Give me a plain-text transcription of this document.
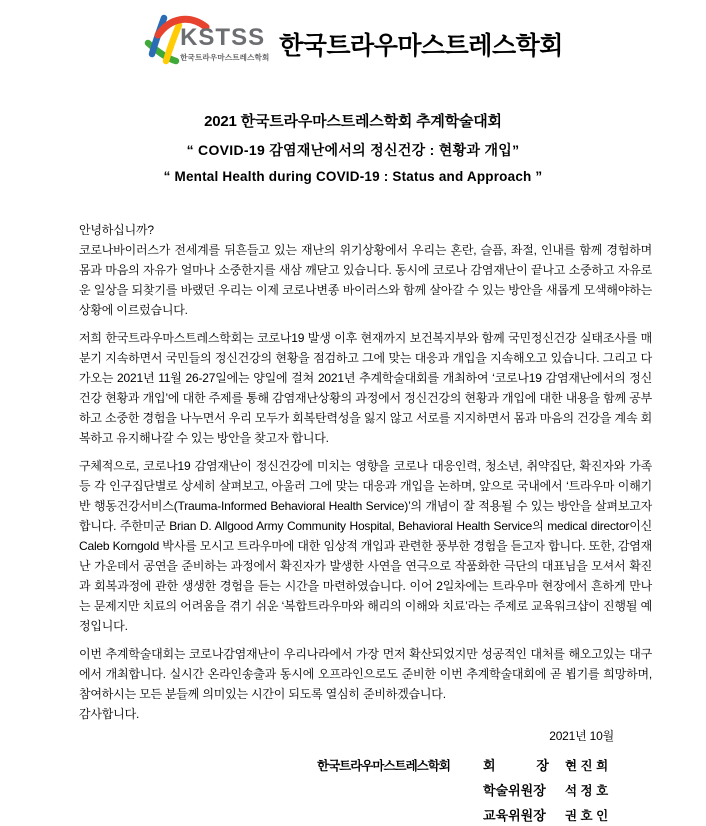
KSTSS
한국트라우마스트레스학회 한국트라우마스트레스학회

2021 한국트라우마스트레스학회 추계학술대회

“ COVID-19 감염재난에서의 정신건강 : 현황과 개입”

“ Mental Health during COVID-19 : Status and Approach ”

안녕하십니까?

코로나바이러스가 전세계를 뒤흔들고 있는 재난의 위기상황에서 우리는 혼란, 슬픔, 좌절, 인내를 함께 경험하며 몸과 마음의 자유가 얼마나 소중한지를 새삼 깨닫고 있습니다. 동시에 코로나 감염재난이 끝나고 소중하고 자유로운 일상을 되찾기를 바랬던 우리는 이제 코로나변종 바이러스와 함께 살아갈 수 있는 방안을 새롭게 모색해야하는 상황에 이르렀습니다.

저희 한국트라우마스트레스학회는 코로나19 발생 이후 현재까지 보건복지부와 함께 국민정신건강 실태조사를 매 분기 지속하면서 국민들의 정신건강의 현황을 점검하고 그에 맞는 대응과 개입을 지속해오고 있습니다. 그리고 다가오는 2021년 11월 26-27일에는 양일에 걸쳐 2021년 추계학술대회를 개최하여 ‘코로나19 감염재난에서의 정신건강 현황과 개입’에 대한 주제를 통해 감염재난상황의 과정에서 정신건강의 현황과 개입에 대한 내용을 함께 공부하고 소중한 경험을 나누면서 우리 모두가 회복탄력성을 잃지 않고 서로를 지지하면서 몸과 마음의 건강을 계속 회복하고 유지해나갈 수 있는 방안을 찾고자 합니다.

구체적으로, 코로나19 감염재난이 정신건강에 미치는 영향을 코로나 대응인력, 청소년, 취약집단, 확진자와 가족 등 각 인구집단별로 상세히 살펴보고, 아울러 그에 맞는 대응과 개입을 논하며, 앞으로 국내에서 ‘트라우마 이해기반 행동건강서비스(Trauma-Informed Behavioral Health Service)’의 개념이 잘 적용될 수 있는 방안을 살펴보고자 합니다. 주한미군 Brian D. Allgood Army Community Hospital, Behavioral Health Service의 medical director이신 Caleb Korngold 박사를 모시고 트라우마에 대한 임상적 개입과 관련한 풍부한 경험을 듣고자 합니다. 또한, 감염재난 가운데서 공연을 준비하는 과정에서 확진자가 발생한 사연을 연극으로 작품화한 극단의 대표님을 모셔서 확진과 회복과정에 관한 생생한 경험을 듣는 시간을 마련하였습니다. 이어 2일차에는 트라우마 현장에서 흔하게 만나는 문제지만 치료의 어려움을 겪기 쉬운 ‘복합트라우마와 해리의 이해와 치료’라는 주제로 교육워크샵이 진행될 예정입니다.

이번 추계학술대회는 코로나감염재난이 우리나라에서 가장 먼저 확산되었지만 성공적인 대처를 해오고있는 대구에서 개최합니다. 실시간 온라인송출과 동시에 오프라인으로도 준비한 이번 추계학술대회에 곧 뵙기를 희망하며, 참여하시는 모든 분들께 의미있는 시간이 되도록 열심히 준비하겠습니다.

감사합니다.

2021년 10월

한국트라우마스트레스학회	회 장 현 진 희
학술위원장 석 정 호
교육위원장 권 호 인
